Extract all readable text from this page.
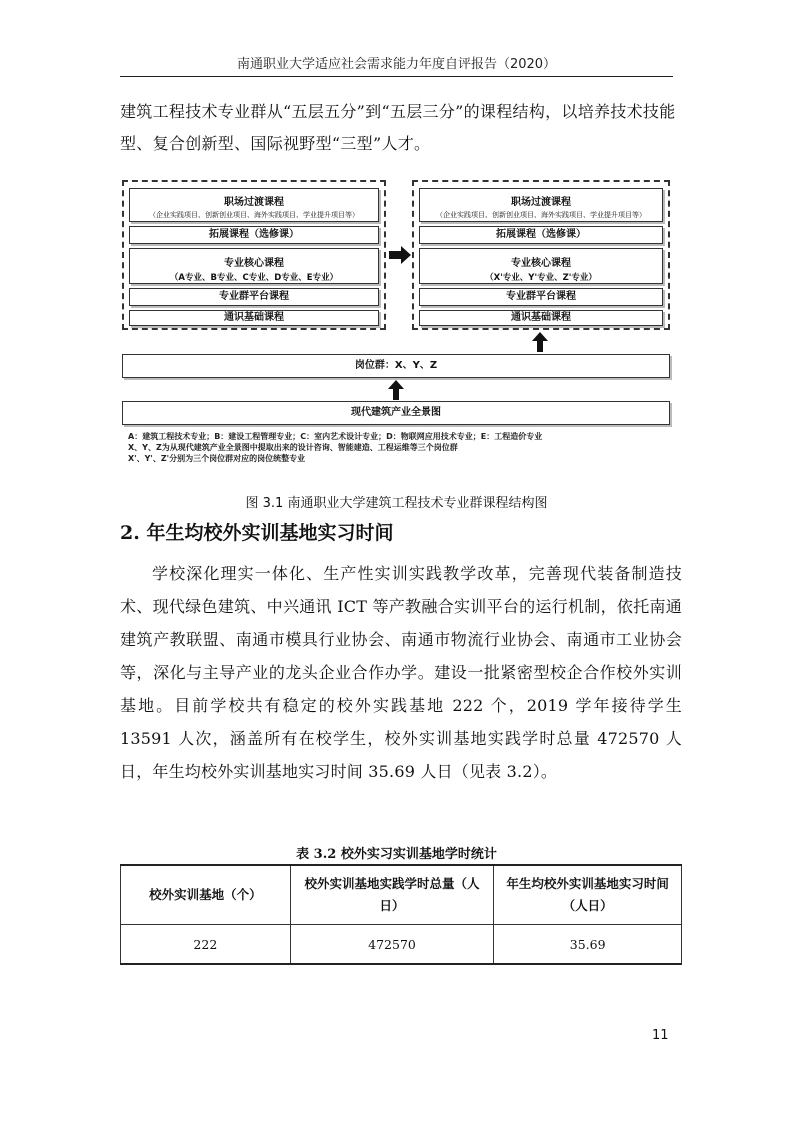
南通职业大学适应社会需求能力年度自评报告（2020）
建筑工程技术专业群从“五层五分”到“五层三分”的课程结构，以培养技术技能型、复合创新型、国际视野型“三型”人才。
职场过渡课程
（企业实践项目、创新创业项目、海外实践项目、学业提升项目等）
拓展课程（选修课）
专业核心课程
（A专业、B专业、C专业、D专业、E专业）
专业群平台课程
通识基础课程
职场过渡课程
（企业实践项目、创新创业项目、海外实践项目、学业提升项目等）
拓展课程（选修课）
专业核心课程
（X'专业、Y'专业、Z'专业）
专业群平台课程
通识基础课程
岗位群：X、Y、Z
现代建筑产业全景图
A：建筑工程技术专业；B：建设工程管理专业；C：室内艺术设计专业；D：物联网应用技术专业；E：工程造价专业
X、Y、Z为从现代建筑产业全景图中提取出来的设计咨询、智能建造、工程运维等三个岗位群
X'、Y'、Z'分别为三个岗位群对应的岗位统整专业
图 3.1 南通职业大学建筑工程技术专业群课程结构图
2. 年生均校外实训基地实习时间
学校深化理实一体化、生产性实训实践教学改革，完善现代装备制造技术、现代绿色建筑、中兴通讯 ICT 等产教融合实训平台的运行机制，依托南通建筑产教联盟、南通市模具行业协会、南通市物流行业协会、南通市工业协会等，深化与主导产业的龙头企业合作办学。建设一批紧密型校企合作校外实训基地。目前学校共有稳定的校外实践基地 222 个，2019 学年接待学生 13591 人次，涵盖所有在校学生，校外实训基地实践学时总量 472570 人日，年生均校外实训基地实习时间 35.69 人日（见表 3.2）。
表 3.2 校外实习实训基地学时统计
校外实训基地（个）	校外实训基地实践学时总量（人日）	年生均校外实训基地实习时间（人日）
222	472570	35.69
11
